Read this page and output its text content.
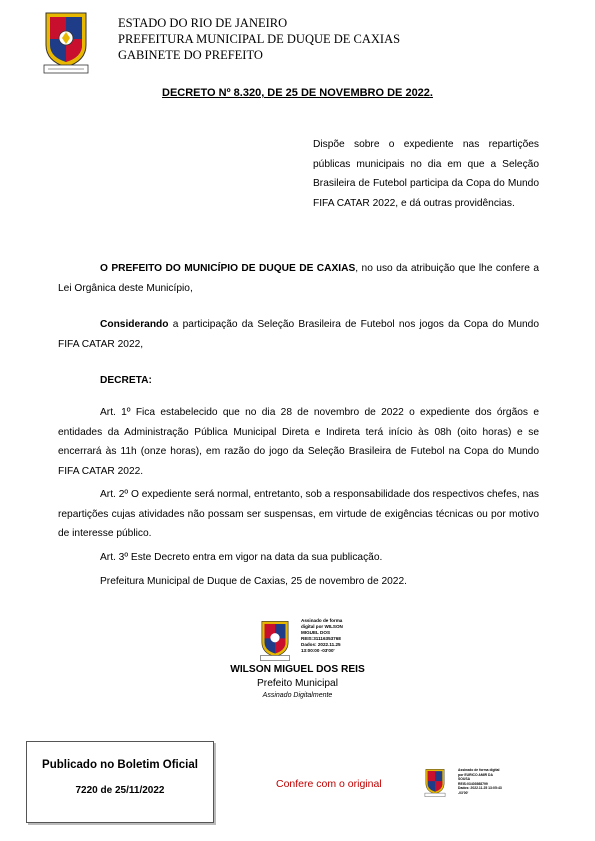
ESTADO DO RIO DE JANEIRO
PREFEITURA MUNICIPAL DE DUQUE DE CAXIAS
GABINETE DO PREFEITO
DECRETO Nº 8.320, DE 25 DE NOVEMBRO DE 2022.
Dispõe sobre o expediente nas repartições públicas municipais no dia em que a Seleção Brasileira de Futebol participa da Copa do Mundo FIFA CATAR 2022, e dá outras providências.

O PREFEITO DO MUNICÍPIO DE DUQUE DE CAXIAS, no uso da atribuição que lhe confere a Lei Orgânica deste Município,

Considerando a participação da Seleção Brasileira de Futebol nos jogos da Copa do Mundo FIFA CATAR 2022,

DECRETA:

Art. 1º Fica estabelecido que no dia 28 de novembro de 2022 o expediente dos órgãos e entidades da Administração Pública Municipal Direta e Indireta terá início às 08h (oito horas) e se encerrará às 11h (onze horas), em razão do jogo da Seleção Brasileira de Futebol na Copa do Mundo FIFA CATAR 2022.

Art. 2º O expediente será normal, entretanto, sob a responsabilidade dos respectivos chefes, nas repartições cujas atividades não possam ser suspensas, em virtude de exigências técnicas ou por motivo de interesse público.

Art. 3º Este Decreto entra em vigor na data da sua publicação.

Prefeitura Municipal de Duque de Caxias, 25 de novembro de 2022.

Assinado de forma
digital por WILSON
MIGUEL DOS
REIS:31116353768
Dados: 2022.11.25
13:00:00 -03'00'
WILSON MIGUEL DOS REIS
Prefeito Municipal
Assinado Digitalmente
Publicado no Boletim Oficial
7220 de 25/11/2022
Confere com o original
Assinado de forma digital
por EURICO AMIR DA
SOUSA
REIS:03403988799
Dados: 2022.11.25 13:05:43
-03'00'
